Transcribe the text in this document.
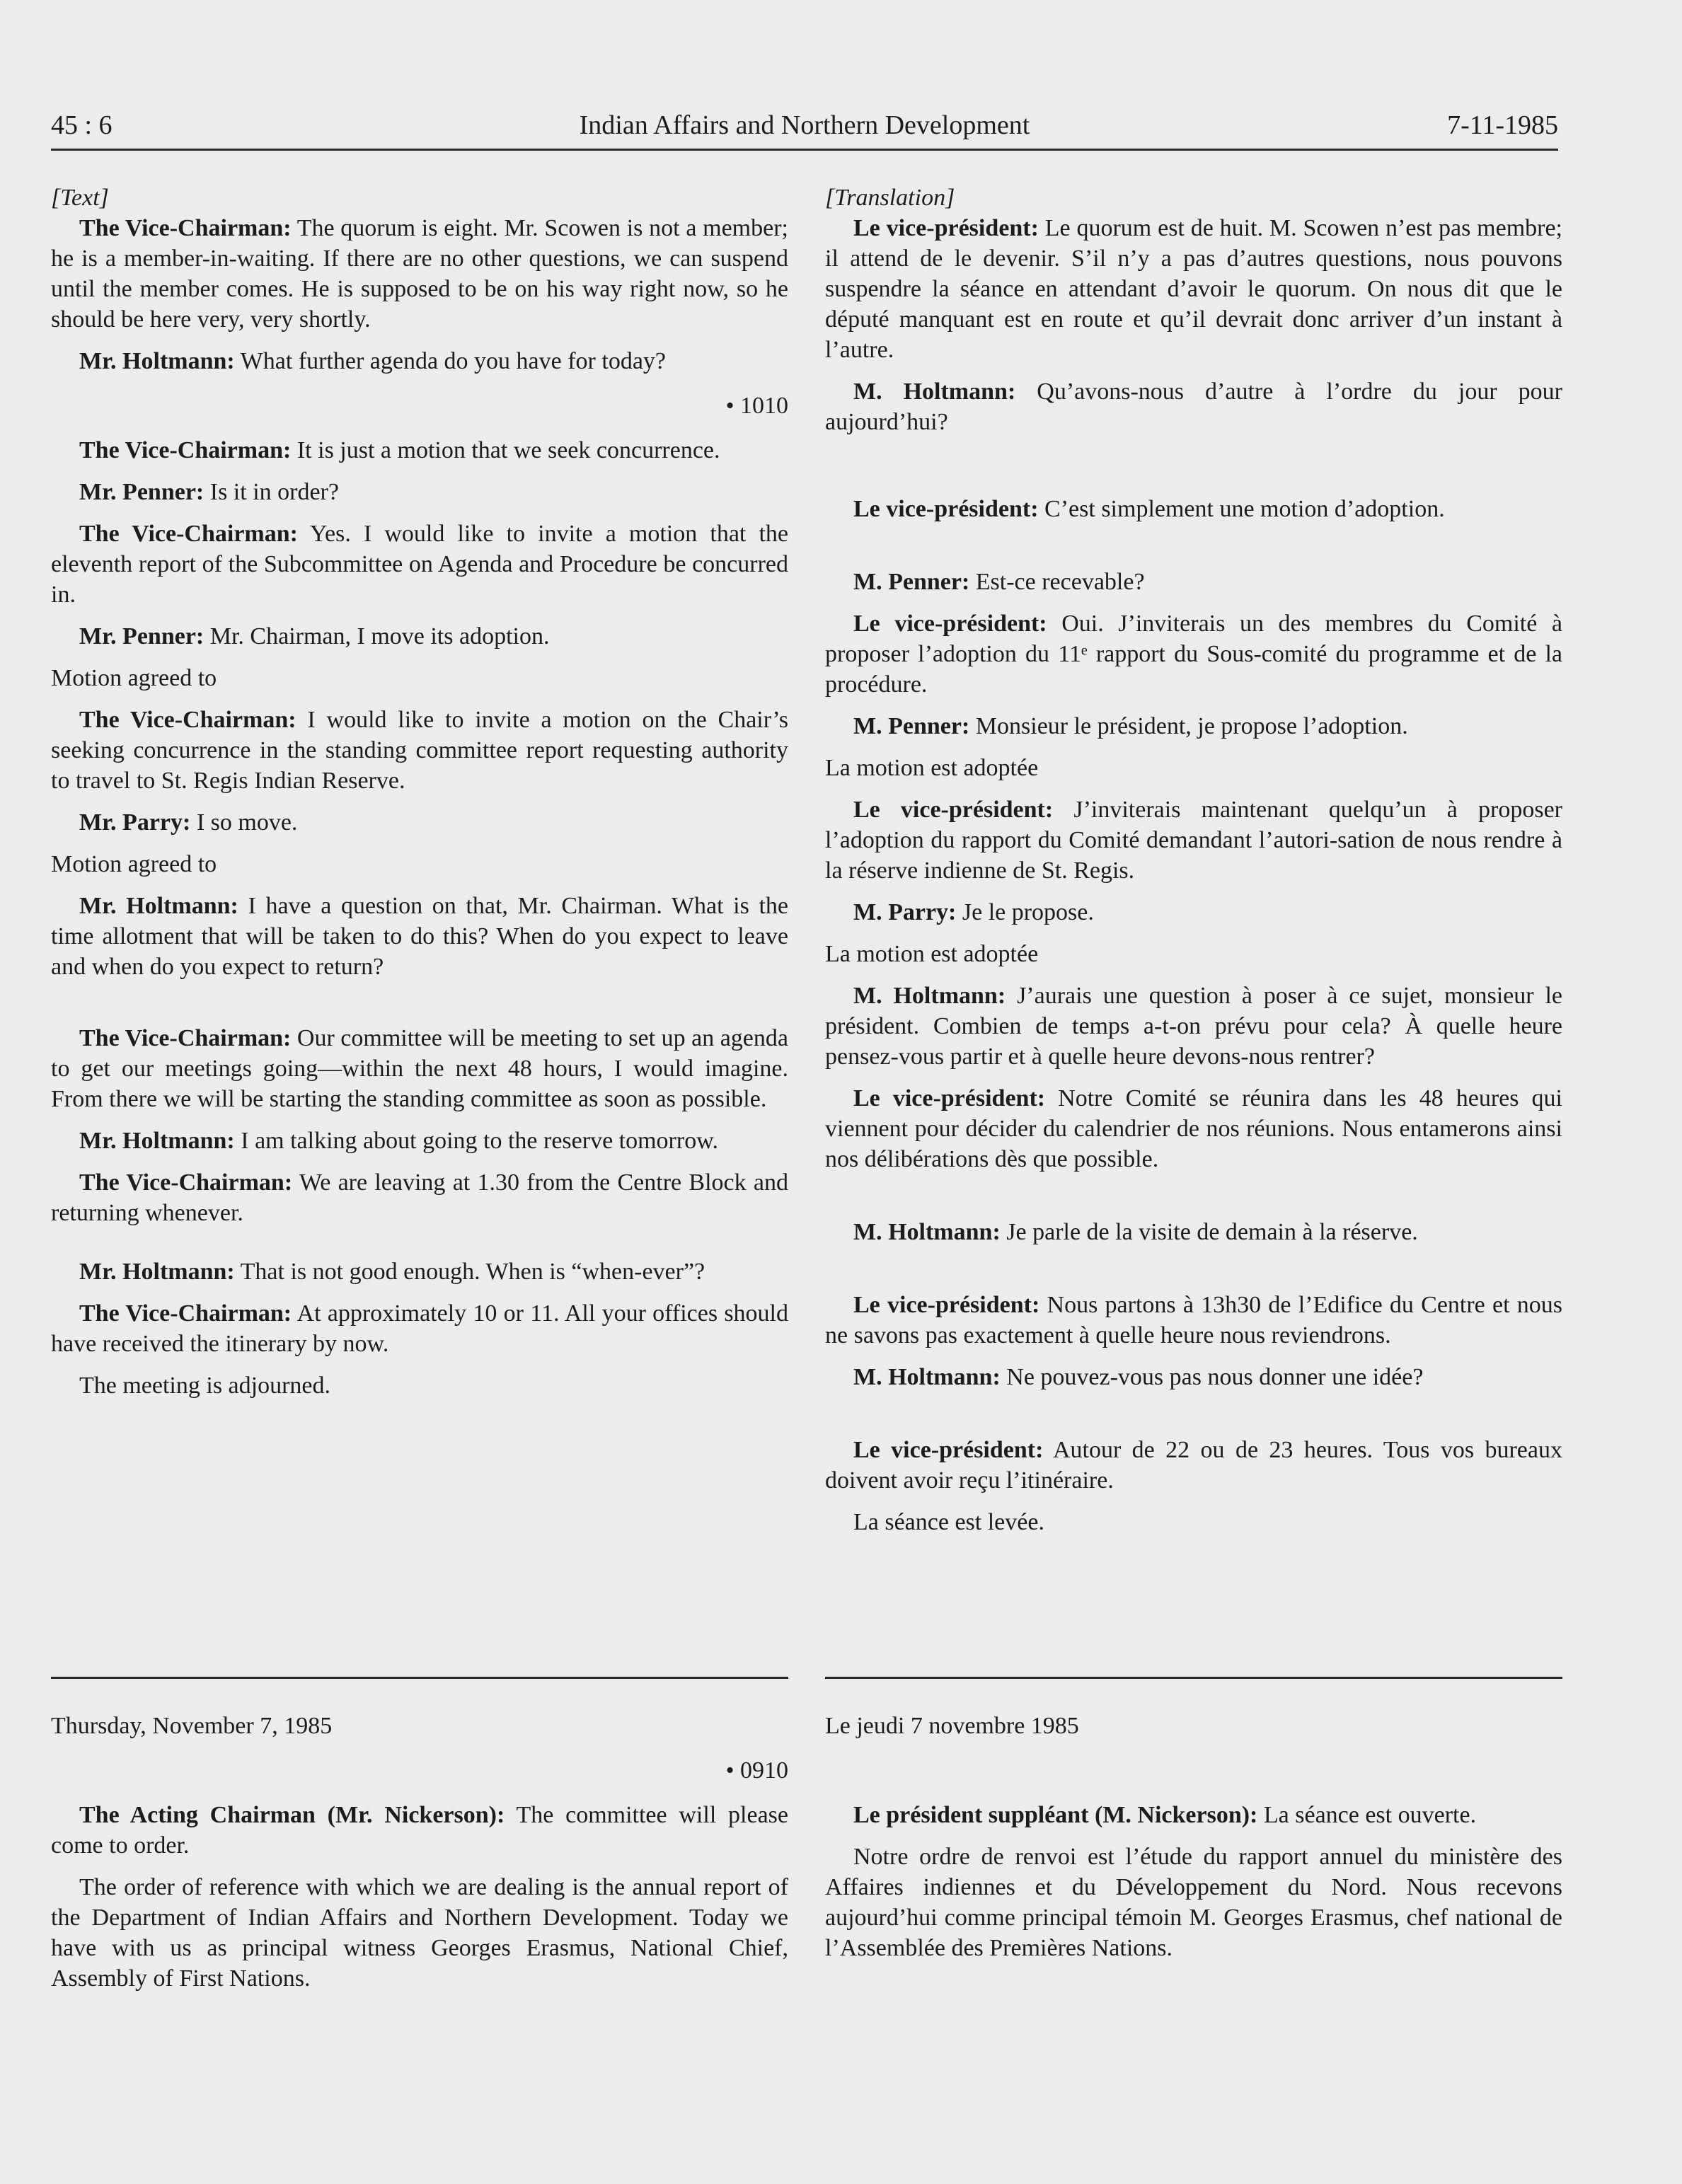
45 : 6	Indian Affairs and Northern Development	7-11-1985

[Text]

The Vice-Chairman: The quorum is eight. Mr. Scowen is not a member; he is a member-in-waiting. If there are no other questions, we can suspend until the member comes. He is supposed to be on his way right now, so he should be here very, very shortly.

Mr. Holtmann: What further agenda do you have for today?

• 1010

The Vice-Chairman: It is just a motion that we seek concurrence.

Mr. Penner: Is it in order?

The Vice-Chairman: Yes. I would like to invite a motion that the eleventh report of the Subcommittee on Agenda and Procedure be concurred in.

Mr. Penner: Mr. Chairman, I move its adoption.

Motion agreed to

The Vice-Chairman: I would like to invite a motion on the Chair’s seeking concurrence in the standing committee report requesting authority to travel to St. Regis Indian Reserve.

Mr. Parry: I so move.

Motion agreed to

Mr. Holtmann: I have a question on that, Mr. Chairman. What is the time allotment that will be taken to do this? When do you expect to leave and when do you expect to return?

The Vice-Chairman: Our committee will be meeting to set up an agenda to get our meetings going—within the next 48 hours, I would imagine. From there we will be starting the standing committee as soon as possible.

Mr. Holtmann: I am talking about going to the reserve tomorrow.

The Vice-Chairman: We are leaving at 1.30 from the Centre Block and returning whenever.

Mr. Holtmann: That is not good enough. When is “when-ever”?

The Vice-Chairman: At approximately 10 or 11. All your offices should have received the itinerary by now.

The meeting is adjourned.

[Translation]

Le vice-président: Le quorum est de huit. M. Scowen n’est pas membre; il attend de le devenir. S’il n’y a pas d’autres questions, nous pouvons suspendre la séance en attendant d’avoir le quorum. On nous dit que le député manquant est en route et qu’il devrait donc arriver d’un instant à l’autre.

M. Holtmann: Qu’avons-nous d’autre à l’ordre du jour pour aujourd’hui?

Le vice-président: C’est simplement une motion d’adoption.

M. Penner: Est-ce recevable?

Le vice-président: Oui. J’inviterais un des membres du Comité à proposer l’adoption du 11ᵉ rapport du Sous-comité du programme et de la procédure.

M. Penner: Monsieur le président, je propose l’adoption.

La motion est adoptée

Le vice-président: J’inviterais maintenant quelqu’un à proposer l’adoption du rapport du Comité demandant l’autori-sation de nous rendre à la réserve indienne de St. Regis.

M. Parry: Je le propose.

La motion est adoptée

M. Holtmann: J’aurais une question à poser à ce sujet, monsieur le président. Combien de temps a-t-on prévu pour cela? À quelle heure pensez-vous partir et à quelle heure devons-nous rentrer?

Le vice-président: Notre Comité se réunira dans les 48 heures qui viennent pour décider du calendrier de nos réunions. Nous entamerons ainsi nos délibérations dès que possible.

M. Holtmann: Je parle de la visite de demain à la réserve.

Le vice-président: Nous partons à 13h30 de l’Edifice du Centre et nous ne savons pas exactement à quelle heure nous reviendrons.

M. Holtmann: Ne pouvez-vous pas nous donner une idée?

Le vice-président: Autour de 22 ou de 23 heures. Tous vos bureaux doivent avoir reçu l’itinéraire.

La séance est levée.

Thursday, November 7, 1985

• 0910

The Acting Chairman (Mr. Nickerson): The committee will please come to order.

The order of reference with which we are dealing is the annual report of the Department of Indian Affairs and Northern Development. Today we have with us as principal witness Georges Erasmus, National Chief, Assembly of First Nations.

Le jeudi 7 novembre 1985

Le président suppléant (M. Nickerson): La séance est ouverte.

Notre ordre de renvoi est l’étude du rapport annuel du ministère des Affaires indiennes et du Développement du Nord. Nous recevons aujourd’hui comme principal témoin M. Georges Erasmus, chef national de l’Assemblée des Premières Nations.
